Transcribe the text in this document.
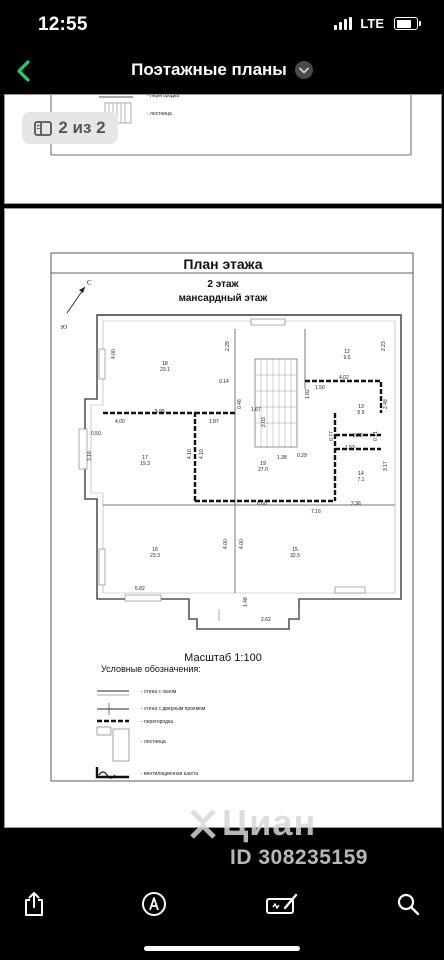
12:55	LTE
Поэтажные планы
- перегородка
- лестница
2 из 2
С
Ю
План этажа
2 этаж
мансардный этаж
18
23.1
12
9.0
13
5.9
17
19.3	19
27.0
14
7.1
16
23.3
15
32.5
4.00
2.29	2.23
0.14
1.50
4.02
1.82
2.48
5.95
4.00	1.87
0.46
1.67
2.03
0.50
3.18	4.10 4.10	1.38 0.29
0.77	2.28
1.53
0.71
3.17
6.60
7.16
2.36
4.00 4.00
5.82
1.48
2.62
Масштаб 1:100
Условные обозначения:
- стена с окном
- стена с дверным проемом
- перегородка
- лестница
- вентиляционная шахта
Циан
ID 308235159
